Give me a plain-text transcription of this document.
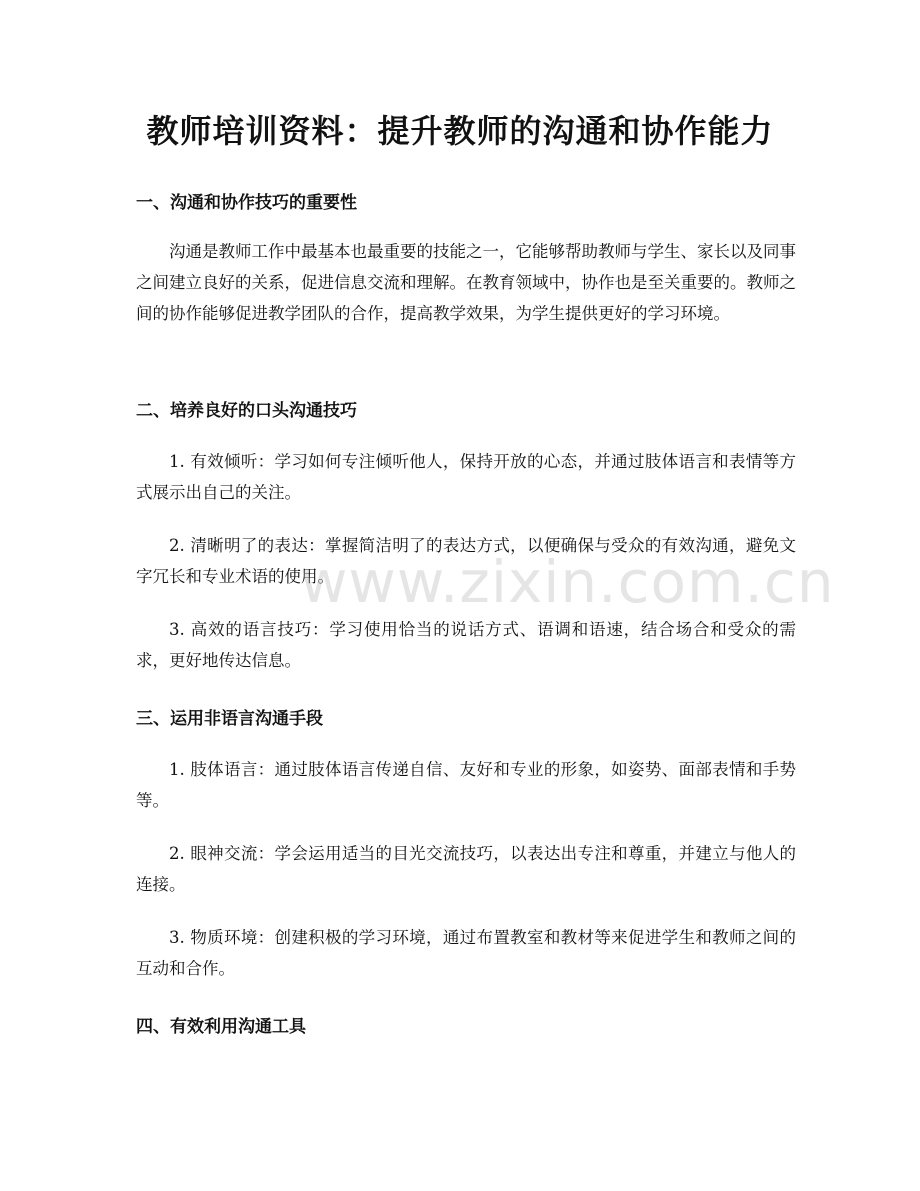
教师培训资料：提升教师的沟通和协作能力
一、沟通和协作技巧的重要性

沟通是教师工作中最基本也最重要的技能之一，它能够帮助教师与学生、家长以及同事之间建立良好的关系，促进信息交流和理解。在教育领域中，协作也是至关重要的。教师之间的协作能够促进教学团队的合作，提高教学效果，为学生提供更好的学习环境。

二、培养良好的口头沟通技巧

1. 有效倾听：学习如何专注倾听他人，保持开放的心态，并通过肢体语言和表情等方式展示出自己的关注。

2. 清晰明了的表达：掌握简洁明了的表达方式，以便确保与受众的有效沟通，避免文字冗长和专业术语的使用。

3. 高效的语言技巧：学习使用恰当的说话方式、语调和语速，结合场合和受众的需求，更好地传达信息。

三、运用非语言沟通手段

1. 肢体语言：通过肢体语言传递自信、友好和专业的形象，如姿势、面部表情和手势等。

2. 眼神交流：学会运用适当的目光交流技巧，以表达出专注和尊重，并建立与他人的连接。

3. 物质环境：创建积极的学习环境，通过布置教室和教材等来促进学生和教师之间的互动和合作。

四、有效利用沟通工具
www.zixin.com.cn
